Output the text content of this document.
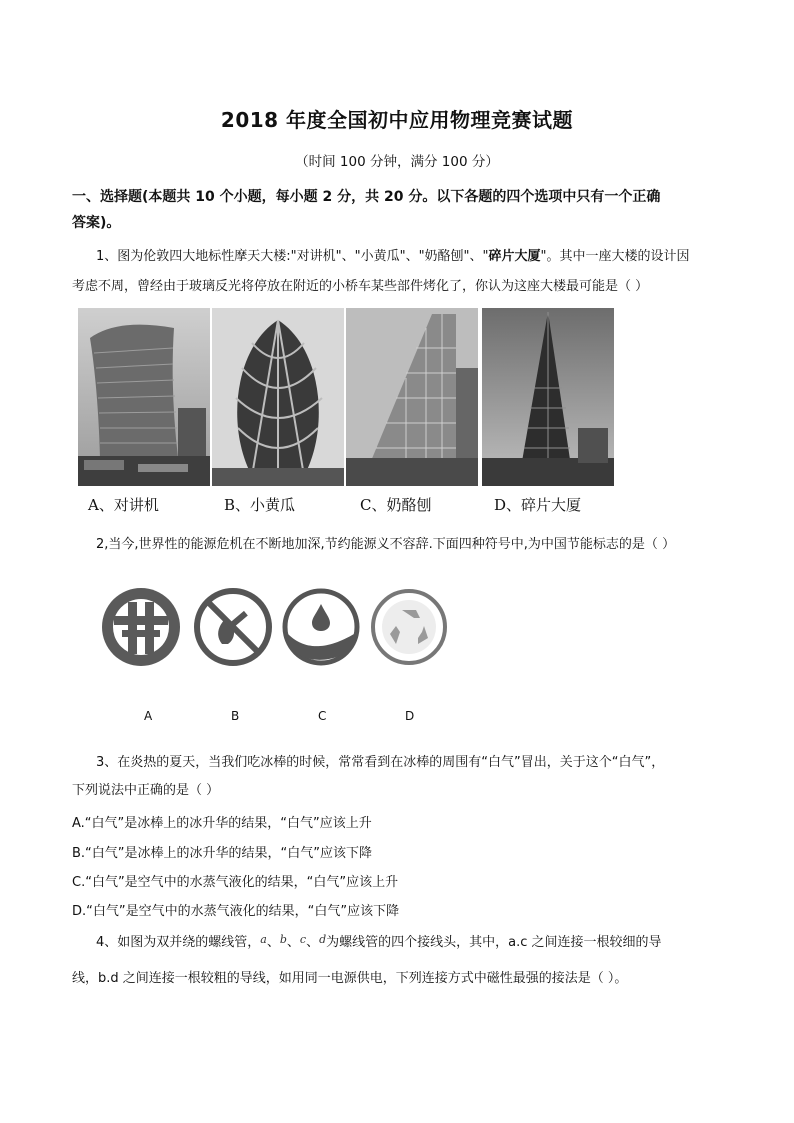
2018 年度全国初中应用物理竞赛试题
（时间 100 分钟，满分 100 分）
一、选择题(本题共 10 个小题，每小题 2 分，共 20 分。以下各题的四个选项中只有一个正确
答案)。
1、图为伦敦四大地标性摩天大楼:"对讲机"、"小黄瓜"、"奶酪刨"、"碎片大厦"。其中一座大楼的设计因
考虑不周，曾经由于玻璃反光将停放在附近的小桥车某些部件烤化了，你认为这座大楼最可能是（ ）
A、对讲机	B、小黄瓜	C、奶酪刨	D、碎片大厦
2,当今,世界性的能源危机在不断地加深,节约能源义不容辞.下面四种符号中,为中国节能标志的是（ ）
A	B	C	D
3、在炎热的夏天，当我们吃冰棒的时候，常常看到在冰棒的周围有“白气”冒出，关于这个“白气”，
下列说法中正确的是（ ）
A.“白气”是冰棒上的冰升华的结果，“白气”应该上升
B.“白气”是冰棒上的冰升华的结果，“白气”应该下降
C.“白气”是空气中的水蒸气液化的结果，“白气”应该上升
D.“白气”是空气中的水蒸气液化的结果，“白气”应该下降
4、如图为双并绕的螺线管，$^a$、$^b$、$^c$、$^d$为螺线管的四个接线头，其中，a.c 之间连接一根较细的导
线，b.d 之间连接一根较粗的导线，如用同一电源供电，下列连接方式中磁性最强的接法是（ ）。
